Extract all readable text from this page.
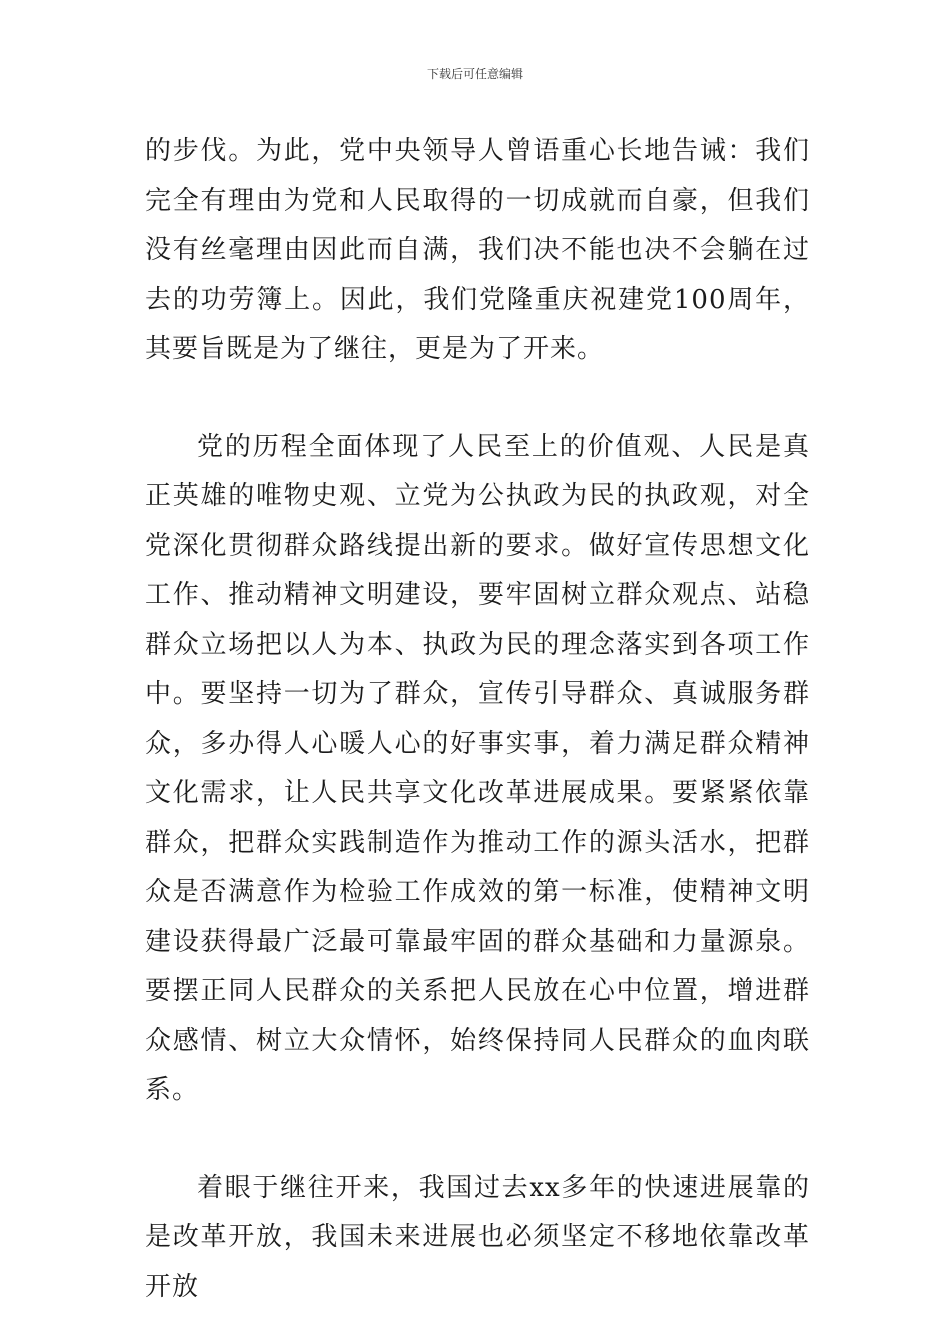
下载后可任意编辑

的步伐。为此，党中央领导人曾语重心长地告诫：我们完全有理由为党和人民取得的一切成就而自豪，但我们没有丝毫理由因此而自满，我们决不能也决不会躺在过去的功劳簿上。因此，我们党隆重庆祝建党100周年，其要旨既是为了继往，更是为了开来。

党的历程全面体现了人民至上的价值观、人民是真正英雄的唯物史观、立党为公执政为民的执政观，对全党深化贯彻群众路线提出新的要求。做好宣传思想文化工作、推动精神文明建设，要牢固树立群众观点、站稳群众立场把以人为本、执政为民的理念落实到各项工作中。要坚持一切为了群众，宣传引导群众、真诚服务群众，多办得人心暖人心的好事实事，着力满足群众精神文化需求，让人民共享文化改革进展成果。要紧紧依靠群众，把群众实践制造作为推动工作的源头活水，把群众是否满意作为检验工作成效的第一标准，使精神文明建设获得最广泛最可靠最牢固的群众基础和力量源泉。要摆正同人民群众的关系把人民放在心中位置，增进群众感情、树立大众情怀，始终保持同人民群众的血肉联系。

着眼于继往开来，我国过去xx多年的快速进展靠的是改革开放，我国未来进展也必须坚定不移地依靠改革开放
